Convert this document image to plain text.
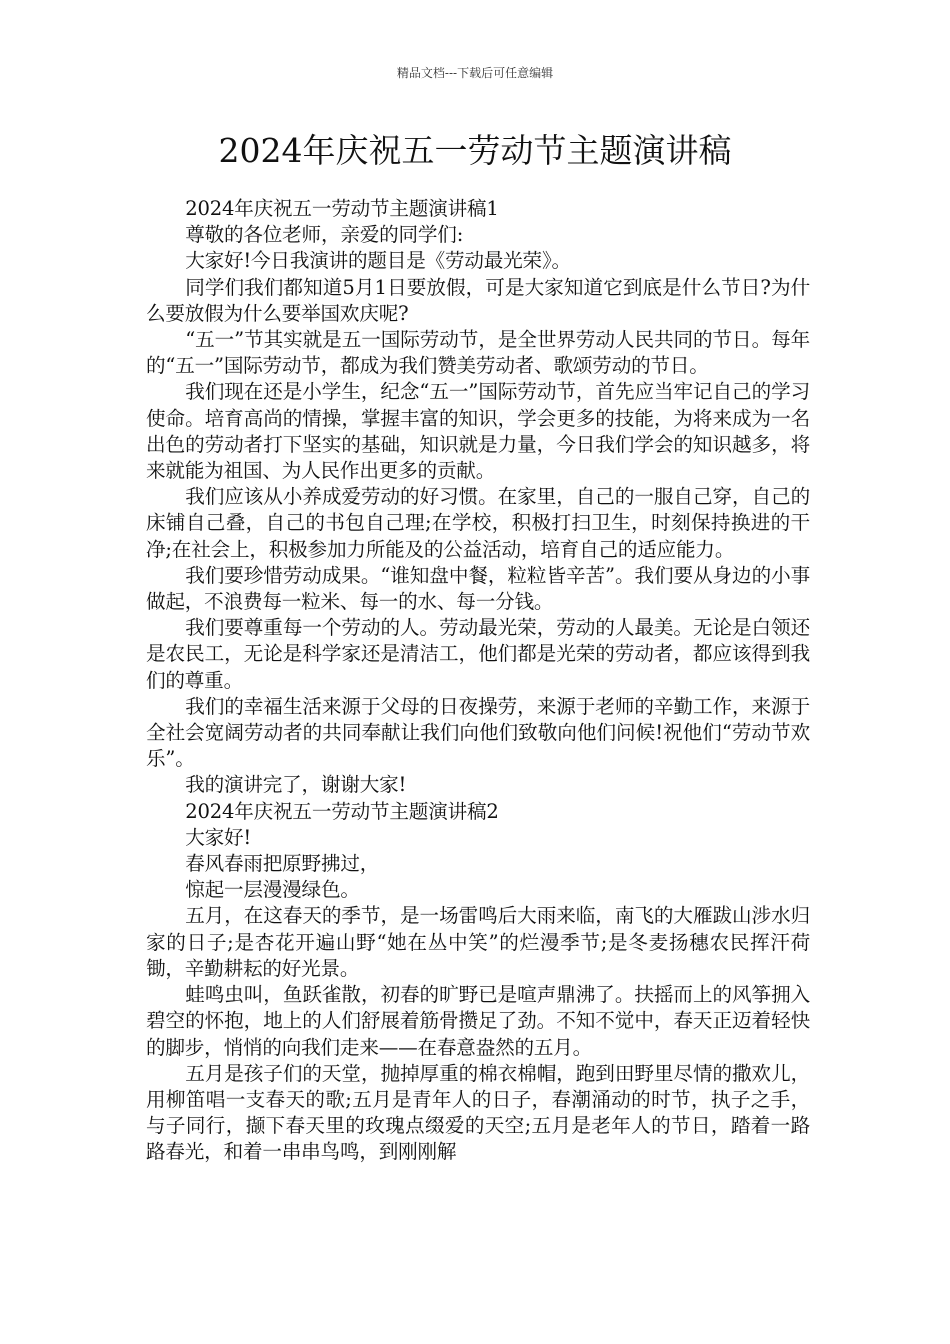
精品文档---下载后可任意编辑
2024年庆祝五一劳动节主题演讲稿

2024年庆祝五一劳动节主题演讲稿1

尊敬的各位老师，亲爱的同学们:

大家好!今日我演讲的题目是《劳动最光荣》。

同学们我们都知道5月1日要放假，可是大家知道它到底是什么节日?为什么要放假为什么要举国欢庆呢?

“五一”节其实就是五一国际劳动节，是全世界劳动人民共同的节日。每年的“五一”国际劳动节，都成为我们赞美劳动者、歌颂劳动的节日。

我们现在还是小学生，纪念“五一”国际劳动节，首先应当牢记自己的学习使命。培育高尚的情操，掌握丰富的知识，学会更多的技能，为将来成为一名出色的劳动者打下坚实的基础，知识就是力量，今日我们学会的知识越多，将来就能为祖国、为人民作出更多的贡献。

我们应该从小养成爱劳动的好习惯。在家里，自己的一服自己穿，自己的床铺自己叠，自己的书包自己理;在学校，积极打扫卫生，时刻保持换进的干净;在社会上，积极参加力所能及的公益活动，培育自己的适应能力。

我们要珍惜劳动成果。“谁知盘中餐，粒粒皆辛苦”。我们要从身边的小事做起，不浪费每一粒米、每一的水、每一分钱。

我们要尊重每一个劳动的人。劳动最光荣，劳动的人最美。无论是白领还是农民工，无论是科学家还是清洁工，他们都是光荣的劳动者，都应该得到我们的尊重。

我们的幸福生活来源于父母的日夜操劳，来源于老师的辛勤工作，来源于全社会宽阔劳动者的共同奉献让我们向他们致敬向他们问候!祝他们“劳动节欢乐”。

我的演讲完了，谢谢大家!

2024年庆祝五一劳动节主题演讲稿2

大家好!

春风春雨把原野拂过，

惊起一层漫漫绿色。

五月，在这春天的季节，是一场雷鸣后大雨来临，南飞的大雁跋山涉水归家的日子;是杏花开遍山野“她在丛中笑”的烂漫季节;是冬麦扬穗农民挥汗荷锄，辛勤耕耘的好光景。

蛙鸣虫叫，鱼跃雀散，初春的旷野已是喧声鼎沸了。扶摇而上的风筝拥入碧空的怀抱，地上的人们舒展着筋骨攒足了劲。不知不觉中，春天正迈着轻快的脚步，悄悄的向我们走来——在春意盎然的五月。

五月是孩子们的天堂，抛掉厚重的棉衣棉帽，跑到田野里尽情的撒欢儿，用柳笛唱一支春天的歌;五月是青年人的日子，春潮涌动的时节，执子之手，与子同行，撷下春天里的玫瑰点缀爱的天空;五月是老年人的节日，踏着一路路春光，和着一串串鸟鸣，到刚刚解
